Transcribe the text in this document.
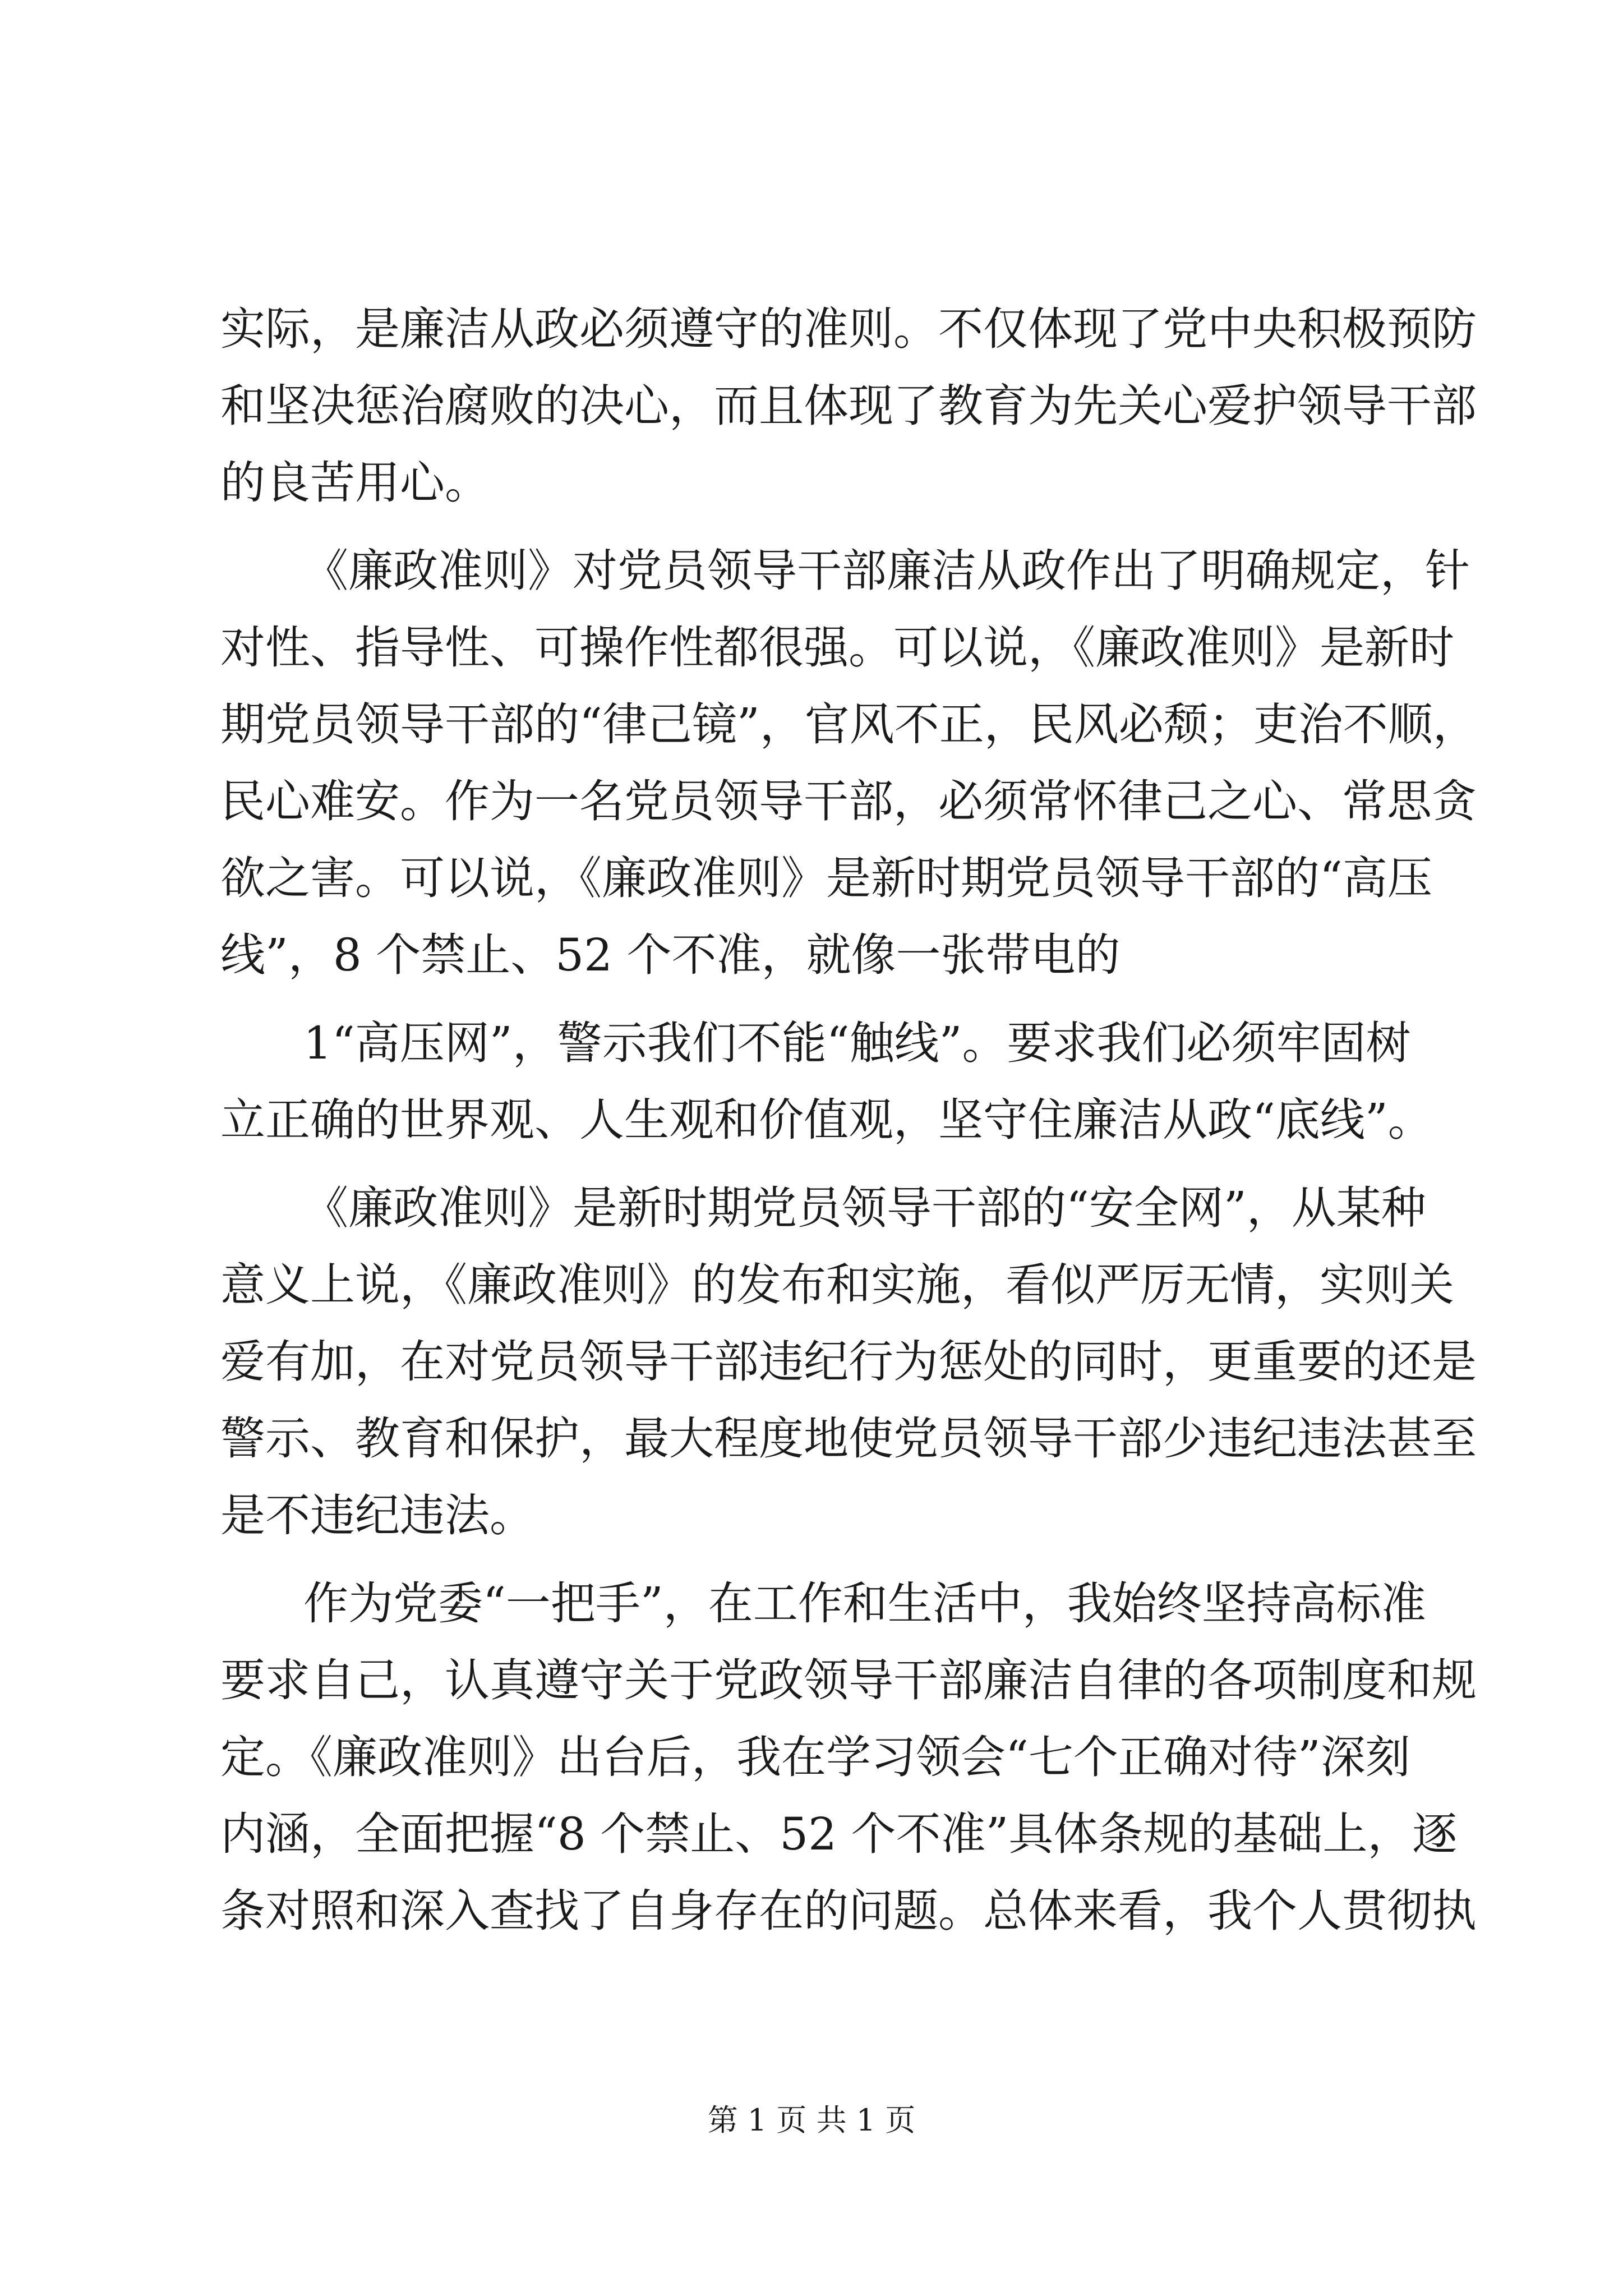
实际，是廉洁从政必须遵守的准则。不仅体现了党中央积极预防
和坚决惩治腐败的决心，而且体现了教育为先关心爱护领导干部
的良苦用心。
《廉政准则》对党员领导干部廉洁从政作出了明确规定，针
对性、指导性、可操作性都很强。可以说，《廉政准则》是新时
期党员领导干部的“律己镜”，官风不正，民风必颓；吏治不顺，
民心难安。作为一名党员领导干部，必须常怀律己之心、常思贪
欲之害。可以说，《廉政准则》是新时期党员领导干部的“高压
线”，8 个禁止、52 个不准，就像一张带电的
1“高压网”，警示我们不能“触线”。要求我们必须牢固树
立正确的世界观、人生观和价值观，坚守住廉洁从政“底线”。
《廉政准则》是新时期党员领导干部的“安全网”，从某种
意义上说，《廉政准则》的发布和实施，看似严厉无情，实则关
爱有加，在对党员领导干部违纪行为惩处的同时，更重要的还是
警示、教育和保护，最大程度地使党员领导干部少违纪违法甚至
是不违纪违法。
作为党委“一把手”，在工作和生活中，我始终坚持高标准
要求自己，认真遵守关于党政领导干部廉洁自律的各项制度和规
定。《廉政准则》出台后，我在学习领会“七个正确对待”深刻
内涵，全面把握“8 个禁止、52 个不准”具体条规的基础上，逐
条对照和深入查找了自身存在的问题。总体来看，我个人贯彻执
第 1 页 共 1 页
